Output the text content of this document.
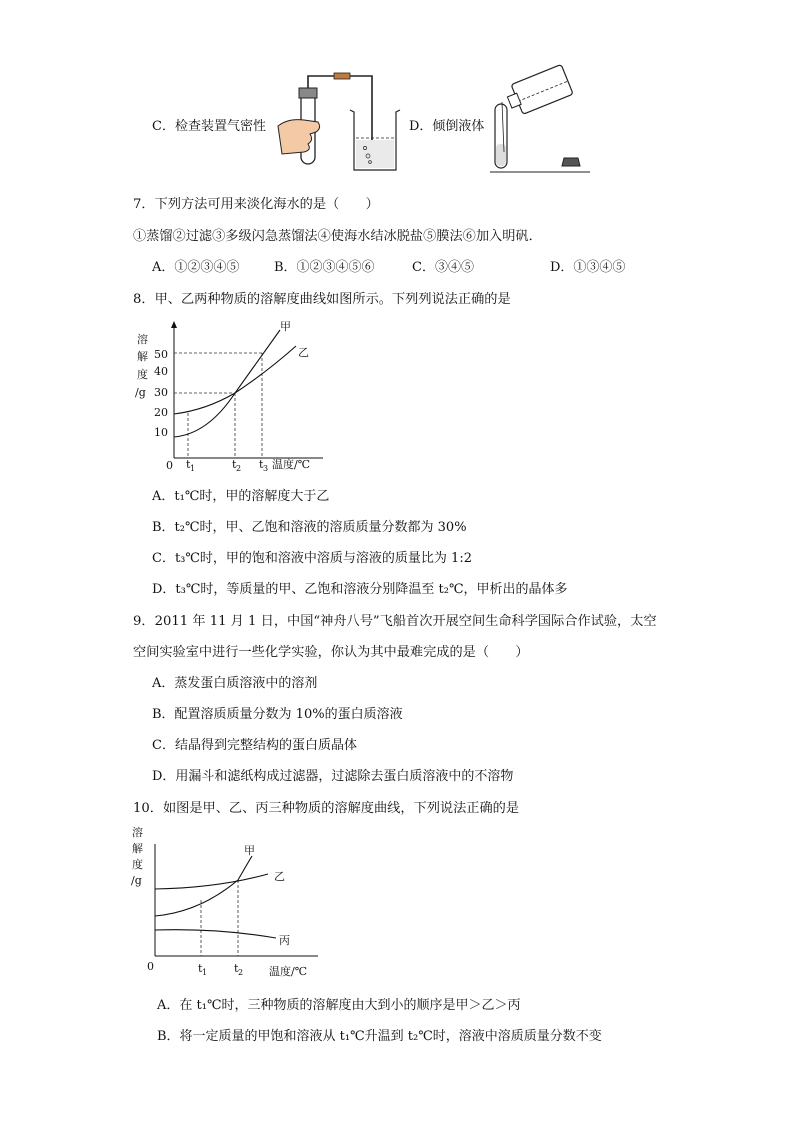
C．检查装置气密性	D．倾倒液体
7．下列方法可用来淡化海水的是（　　）
①蒸馏②过滤③多级闪急蒸馏法④使海水结冰脱盐⑤膜法⑥加入明矾．
A．①②③④⑤	B．①②③④⑤⑥	C．③④⑤	D．①③④⑤
8．甲、乙两种物质的溶解度曲线如图所示。下列列说法正确的是
溶
解
度
/g
50
40
30
20
10
0 t 1	t 2 t 3 温度/℃
甲
乙
A．t₁℃时，甲的溶解度大于乙
B．t₂℃时，甲、乙饱和溶液的溶质质量分数都为 30%
C．t₃℃时，甲的饱和溶液中溶质与溶液的质量比为 1:2
D．t₃℃时，等质量的甲、乙饱和溶液分别降温至 t₂℃，甲析出的晶体多
9．2011 年 11 月 1 日，中国“神舟八号”飞船首次开展空间生命科学国际合作试验，太空
空间实验室中进行一些化学实验，你认为其中最难完成的是（　　）
A．蒸发蛋白质溶液中的溶剂
B．配置溶质质量分数为 10%的蛋白质溶液
C．结晶得到完整结构的蛋白质晶体
D．用漏斗和滤纸构成过滤器，过滤除去蛋白质溶液中的不溶物
10．如图是甲、乙、丙三种物质的溶解度曲线，下列说法正确的是
溶
解
度
/g
0	t 1 t 2 温度/℃
甲
乙
丙
A．在 t₁℃时，三种物质的溶解度由大到小的顺序是甲＞乙＞丙
B．将一定质量的甲饱和溶液从 t₁℃升温到 t₂℃时，溶液中溶质质量分数不变
